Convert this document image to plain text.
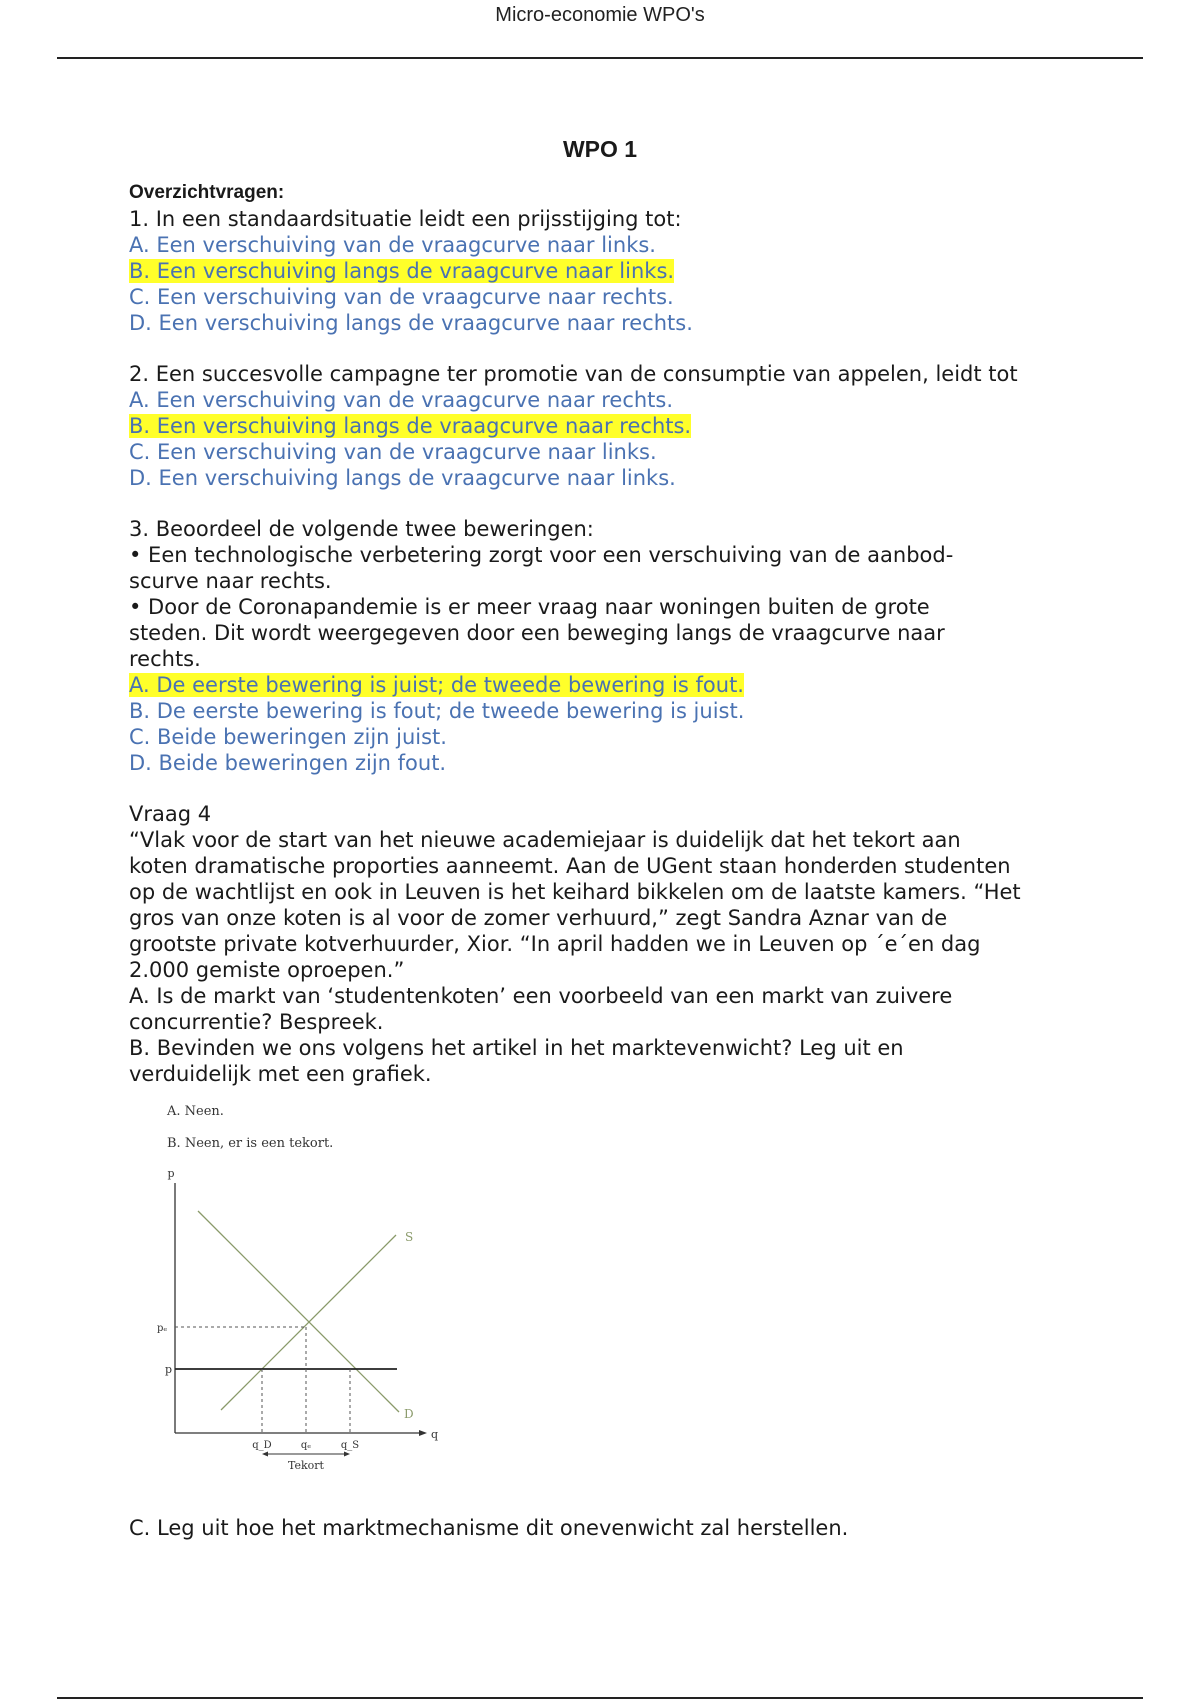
Micro-economie WPO's
WPO 1
Overzichtvragen:
1. In een standaardsituatie leidt een prijsstijging tot:
A. Een verschuiving van de vraagcurve naar links.
B. Een verschuiving langs de vraagcurve naar links.
C. Een verschuiving van de vraagcurve naar rechts.
D. Een verschuiving langs de vraagcurve naar rechts.
2. Een succesvolle campagne ter promotie van de consumptie van appelen, leidt tot
A. Een verschuiving van de vraagcurve naar rechts.
B. Een verschuiving langs de vraagcurve naar rechts.
C. Een verschuiving van de vraagcurve naar links.
D. Een verschuiving langs de vraagcurve naar links.
3. Beoordeel de volgende twee beweringen:
• Een technologische verbetering zorgt voor een verschuiving van de aanbod-
scurve naar rechts.
• Door de Coronapandemie is er meer vraag naar woningen buiten de grote
steden. Dit wordt weergegeven door een beweging langs de vraagcurve naar
rechts.
A. De eerste bewering is juist; de tweede bewering is fout.
B. De eerste bewering is fout; de tweede bewering is juist.
C. Beide beweringen zijn juist.
D. Beide beweringen zijn fout.
Vraag 4
“Vlak voor de start van het nieuwe academiejaar is duidelijk dat het tekort aan
koten dramatische proporties aanneemt. Aan de UGent staan honderden studenten
op de wachtlijst en ook in Leuven is het keihard bikkelen om de laatste kamers. “Het
gros van onze koten is al voor de zomer verhuurd,” zegt Sandra Aznar van de
grootste private kotverhuurder, Xior. “In april hadden we in Leuven op ´e´en dag
2.000 gemiste oproepen.”
A. Is de markt van ‘studentenkoten’ een voorbeeld van een markt van zuivere
concurrentie? Bespreek.
B. Bevinden we ons volgens het artikel in het marktevenwicht? Leg uit en
verduidelijk met een grafiek.
A. Neen.
B. Neen, er is een tekort.
p
q
S
D
p
pₑ
q_D	qₑ	q_S
Tekort
C. Leg uit hoe het marktmechanisme dit onevenwicht zal herstellen.
